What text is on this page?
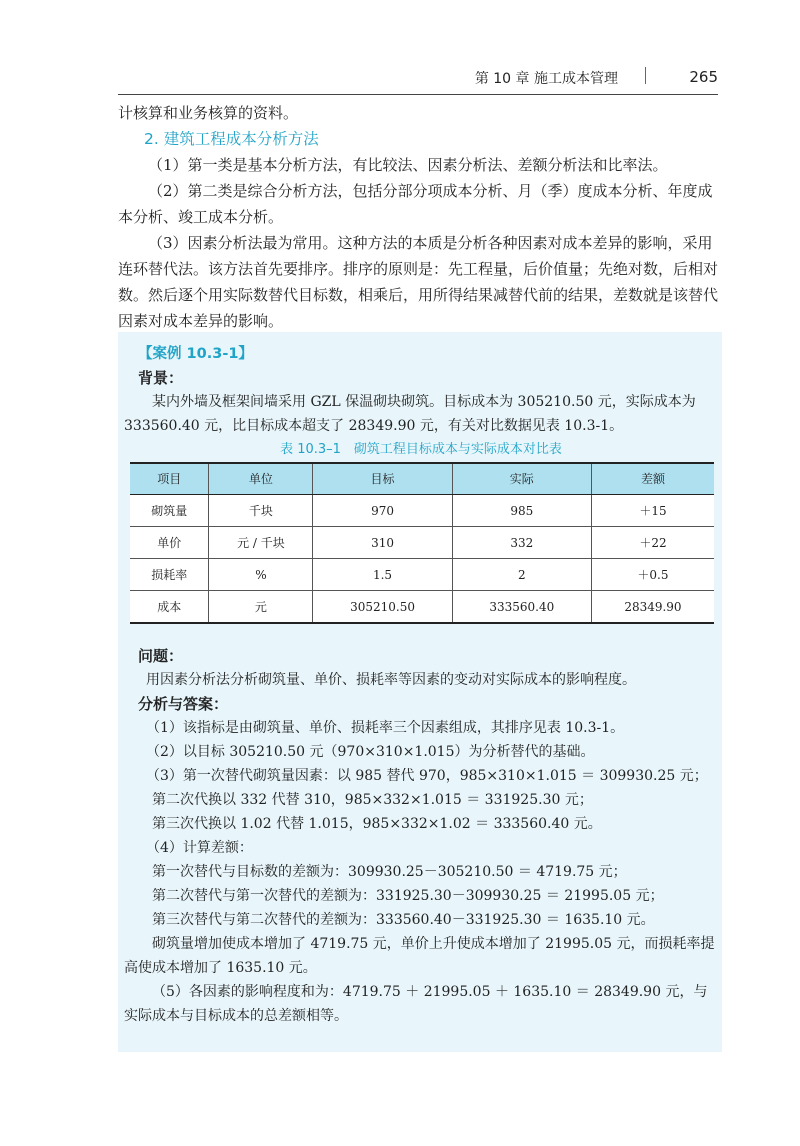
第 10 章 施工成本管理	265

计核算和业务核算的资料。

2. 建筑工程成本分析方法

（1）第一类是基本分析方法，有比较法、因素分析法、差额分析法和比率法。

（2）第二类是综合分析方法，包括分部分项成本分析、月（季）度成本分析、年度成本分析、竣工成本分析。

（3）因素分析法最为常用。这种方法的本质是分析各种因素对成本差异的影响，采用连环替代法。该方法首先要排序。排序的原则是：先工程量，后价值量；先绝对数，后相对数。然后逐个用实际数替代目标数，相乘后，用所得结果减替代前的结果，差数就是该替代因素对成本差异的影响。

【案例 10.3-1】

背景：

某内外墙及框架间墙采用 GZL 保温砌块砌筑。目标成本为 305210.50 元，实际成本为 333560.40 元，比目标成本超支了 28349.90 元，有关对比数据见表 10.3-1。

表 10.3–1　砌筑工程目标成本与实际成本对比表

项目	单位	目标	实际	差额
砌筑量	千块	970	985	＋15
单价	元 / 千块	310	332	＋22
损耗率	%	1.5	2	＋0.5
成本	元	305210.50	333560.40	28349.90

问题：

用因素分析法分析砌筑量、单价、损耗率等因素的变动对实际成本的影响程度。

分析与答案：

（1）该指标是由砌筑量、单价、损耗率三个因素组成，其排序见表 10.3-1。

（2）以目标 305210.50 元（970×310×1.015）为分析替代的基础。

（3）第一次替代砌筑量因素：以 985 替代 970，985×310×1.015 ＝ 309930.25 元；

第二次代换以 332 代替 310，985×332×1.015 ＝ 331925.30 元；

第三次代换以 1.02 代替 1.015，985×332×1.02 ＝ 333560.40 元。

（4）计算差额：

第一次替代与目标数的差额为：309930.25－305210.50 ＝ 4719.75 元；

第二次替代与第一次替代的差额为：331925.30－309930.25 ＝ 21995.05 元；

第三次替代与第二次替代的差额为：333560.40－331925.30 ＝ 1635.10 元。

砌筑量增加使成本增加了 4719.75 元，单价上升使成本增加了 21995.05 元，而损耗率提高使成本增加了 1635.10 元。

（5）各因素的影响程度和为：4719.75 ＋ 21995.05 ＋ 1635.10 ＝ 28349.90 元，与实际成本与目标成本的总差额相等。
